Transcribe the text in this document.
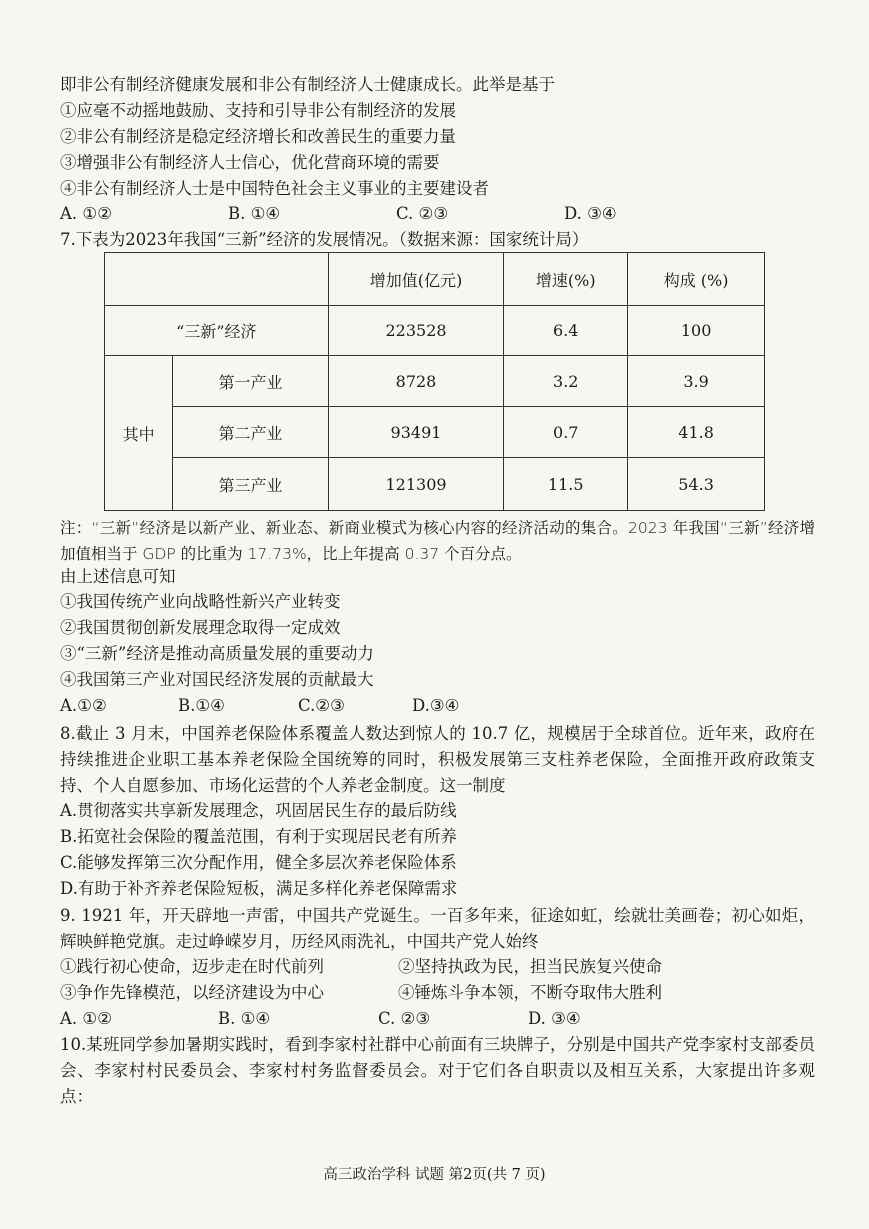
即非公有制经济健康发展和非公有制经济人士健康成长。此举是基于
①应毫不动摇地鼓励、支持和引导非公有制经济的发展
②非公有制经济是稳定经济增长和改善民生的重要力量
③增强非公有制经济人士信心，优化营商环境的需要
④非公有制经济人士是中国特色社会主义事业的主要建设者
A. ①②	B. ①④	C. ②③	D. ③④
7.下表为2023年我国“三新”经济的发展情况。（数据来源：国家统计局）
		增加值(亿元)	增速(%)	构成 (%)
“三新”经济		223528	6.4	100
其中	第一产业	8728	3.2	3.9
	第二产业	93491	0.7	41.8
	第三产业	121309	11.5	54.3
注：“三新”经济是以新产业、新业态、新商业模式为核心内容的经济活动的集合。2023 年我国“三新”经济增加值相当于 GDP 的比重为 17.73%，比上年提高 0.37 个百分点。
由上述信息可知
①我国传统产业向战略性新兴产业转变
②我国贯彻创新发展理念取得一定成效
③“三新”经济是推动高质量发展的重要动力
④我国第三产业对国民经济发展的贡献最大
A.①②	B.①④	C.②③	D.③④
8.截止 3 月末，中国养老保险体系覆盖人数达到惊人的 10.7 亿，规模居于全球首位。近年来，政府在持续推进企业职工基本养老保险全国统筹的同时，积极发展第三支柱养老保险，全面推开政府政策支持、个人自愿参加、市场化运营的个人养老金制度。这一制度
A.贯彻落实共享新发展理念，巩固居民生存的最后防线
B.拓宽社会保险的覆盖范围，有利于实现居民老有所养
C.能够发挥第三次分配作用，健全多层次养老保险体系
D.有助于补齐养老保险短板，满足多样化养老保障需求
9. 1921 年，开天辟地一声雷，中国共产党诞生。一百多年来，征途如虹，绘就壮美画卷；初心如炬，辉映鲜艳党旗。走过峥嵘岁月，历经风雨洗礼，中国共产党人始终
①践行初心使命，迈步走在时代前列	②坚持执政为民，担当民族复兴使命
③争作先锋模范，以经济建设为中心	④锤炼斗争本领，不断夺取伟大胜利
A. ①②	B. ①④	C. ②③	D. ③④
10.某班同学参加暑期实践时，看到李家村社群中心前面有三块牌子，分别是中国共产党李家村支部委员会、李家村村民委员会、李家村村务监督委员会。对于它们各自职责以及相互关系，大家提出许多观点：
高三政治学科 试题 第2页(共 7 页)
